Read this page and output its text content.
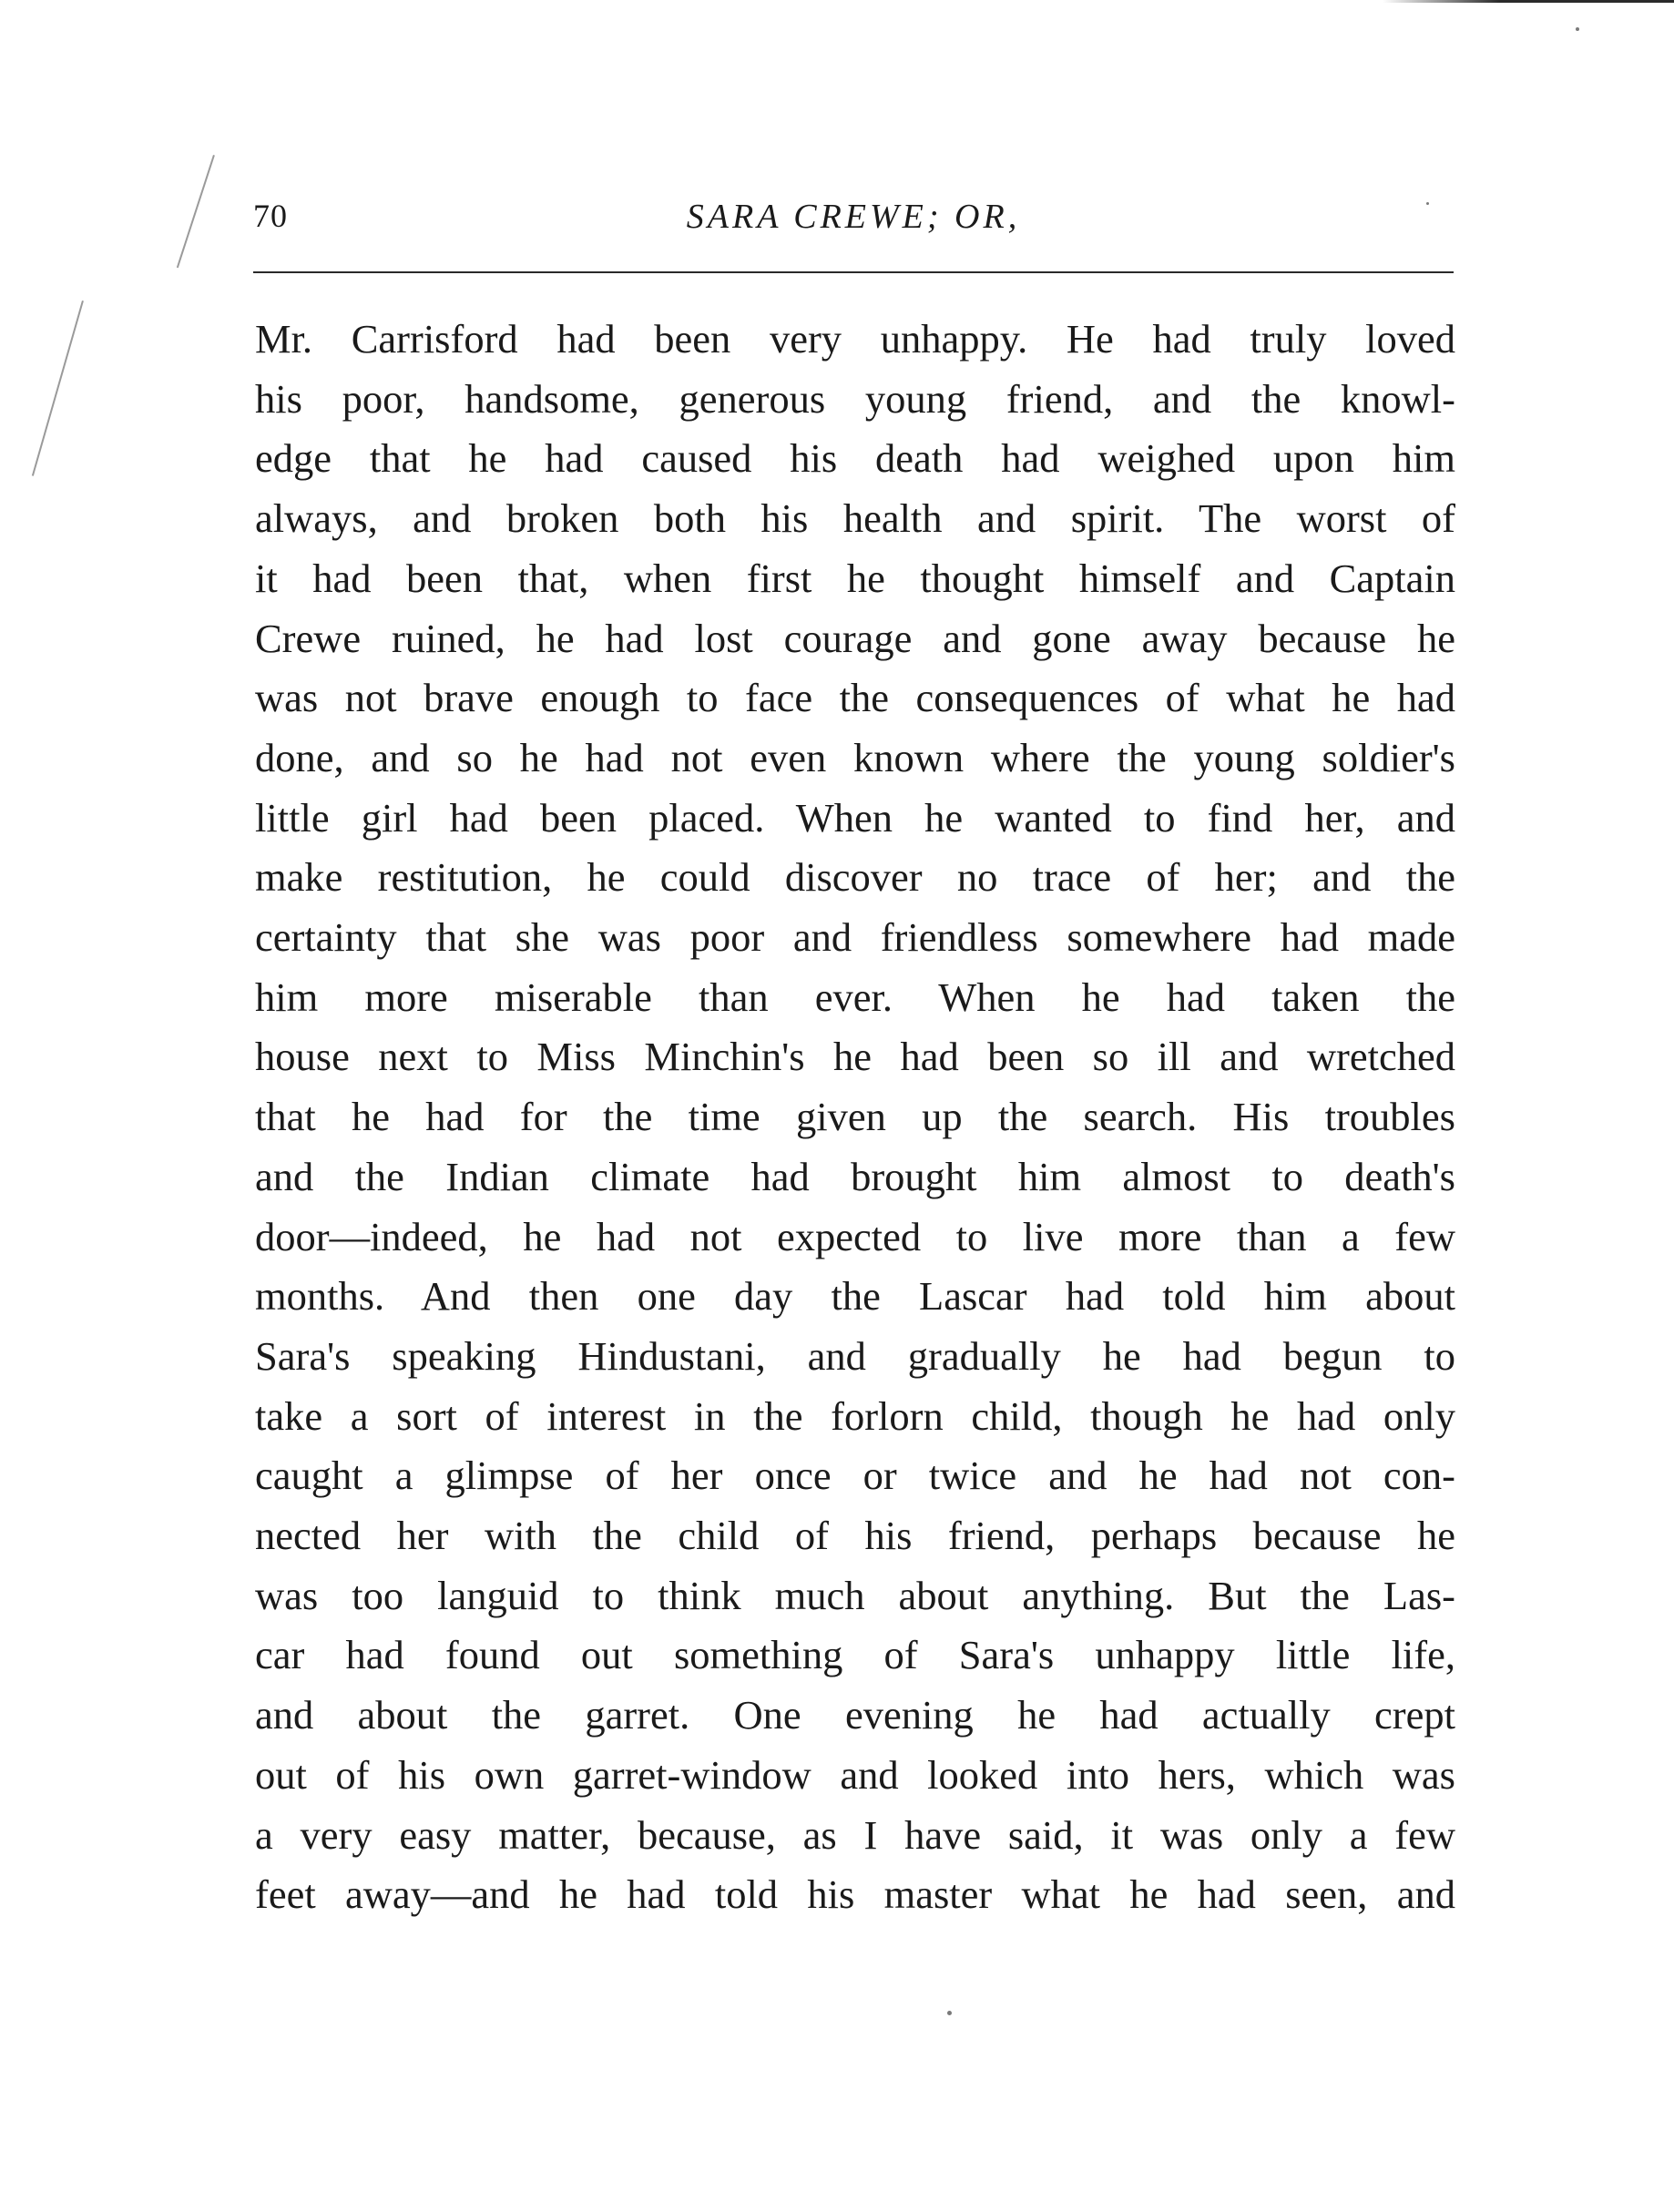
70	SARA CREWE; OR,
Mr. Carrisford had been very unhappy. He had truly loved
his poor, handsome, generous young friend, and the knowl-
edge that he had caused his death had weighed upon him
always, and broken both his health and spirit. The worst of
it had been that, when first he thought himself and Captain
Crewe ruined, he had lost courage and gone away because he
was not brave enough to face the consequences of what he had
done, and so he had not even known where the young soldier's
little girl had been placed. When he wanted to find her, and
make restitution, he could discover no trace of her; and the
certainty that she was poor and friendless somewhere had made
him more miserable than ever. When he had taken the
house next to Miss Minchin's he had been so ill and wretched
that he had for the time given up the search. His troubles
and the Indian climate had brought him almost to death's
door—indeed, he had not expected to live more than a few
months. And then one day the Lascar had told him about
Sara's speaking Hindustani, and gradually he had begun to
take a sort of interest in the forlorn child, though he had only
caught a glimpse of her once or twice and he had not con-
nected her with the child of his friend, perhaps because he
was too languid to think much about anything. But the Las-
car had found out something of Sara's unhappy little life,
and about the garret. One evening he had actually crept
out of his own garret-window and looked into hers, which was
a very easy matter, because, as I have said, it was only a few
feet away—and he had told his master what he had seen, and
